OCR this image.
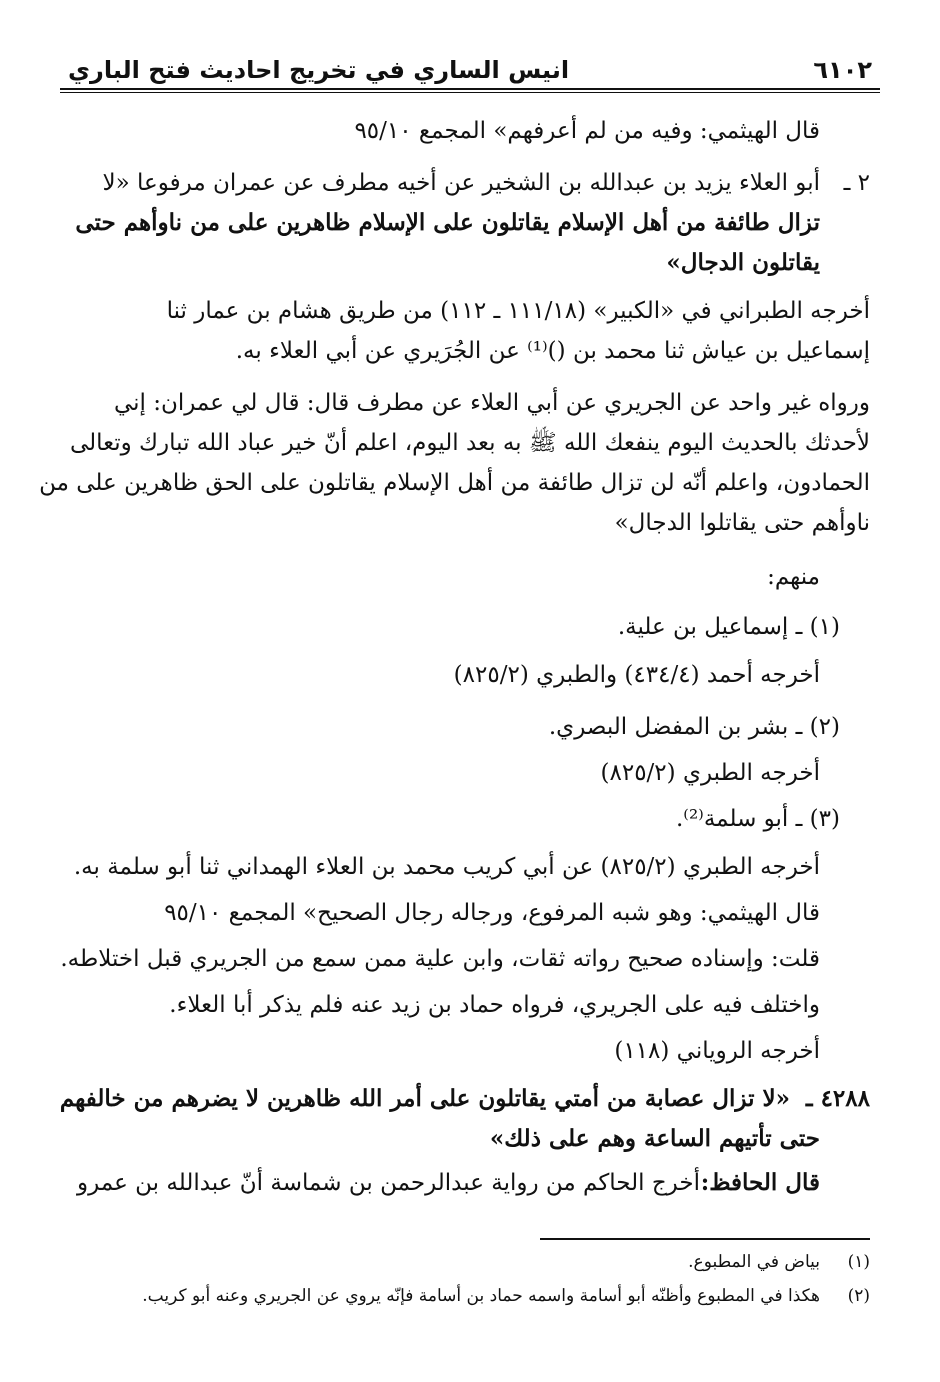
٦١٠٢
انيس الساري في تخريج احاديث فتح الباري
قال الهيثمي: وفيه من لم أعرفهم» المجمع ٩٥/١٠
٢ ـ
أبو العلاء يزيد بن عبدالله بن الشخير عن أخيه مطرف عن عمران مرفوعا «لا
تزال طائفة من أهل الإسلام يقاتلون على الإسلام ظاهرين على من ناوأهم حتى
يقاتلون الدجال»
أخرجه الطبراني في «الكبير» (١١١/١٨ ـ ١١٢) من طريق هشام بن عمار ثنا
إسماعيل بن عياش ثنا محمد بن ()⁽¹⁾ عن الجُرَيري عن أبي العلاء به.
ورواه غير واحد عن الجريري عن أبي العلاء عن مطرف قال: قال لي عمران: إني
لأحدثك بالحديث اليوم ينفعك الله ﷺ به بعد اليوم، اعلم أنّ خير عباد الله تبارك وتعالى
الحمادون، واعلم أنّه لن تزال طائفة من أهل الإسلام يقاتلون على الحق ظاهرين على من
ناوأهم حتى يقاتلوا الدجال»
منهم:
(١) ـ إسماعيل بن علية.
أخرجه أحمد (٤٣٤/٤) والطبري (٨٢٥/٢)
(٢) ـ بشر بن المفضل البصري.
أخرجه الطبري (٨٢٥/٢)
(٣) ـ أبو سلمة⁽²⁾.
أخرجه الطبري (٨٢٥/٢) عن أبي كريب محمد بن العلاء الهمداني ثنا أبو سلمة به.
قال الهيثمي: وهو شبه المرفوع، ورجاله رجال الصحيح» المجمع ٩٥/١٠
قلت: وإسناده صحيح رواته ثقات، وابن علية ممن سمع من الجريري قبل اختلاطه.
واختلف فيه على الجريري، فرواه حماد بن زيد عنه فلم يذكر أبا العلاء.
أخرجه الروياني (١١٨)
٤٢٨٨ ـ
«لا تزال عصابة من أمتي يقاتلون على أمر الله ظاهرين لا يضرهم من خالفهم
حتى تأتيهم الساعة وهم على ذلك»
قال الحافظ:
أخرج الحاكم من رواية عبدالرحمن بن شماسة أنّ عبدالله بن عمرو
(١)
بياض في المطبوع.
(٢)
هكذا في المطبوع وأظنّه أبو أسامة واسمه حماد بن أسامة فإنّه يروي عن الجريري وعنه أبو كريب.
